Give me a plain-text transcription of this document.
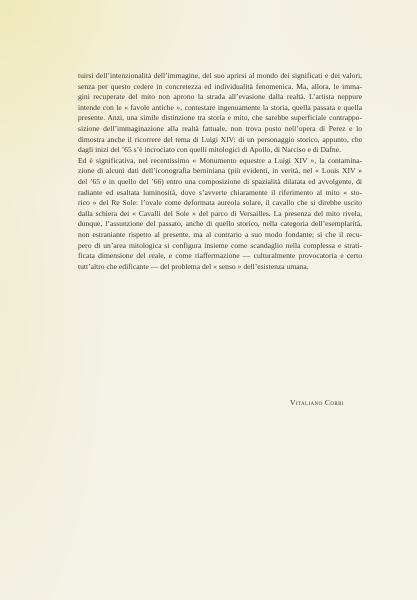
tuirsi dell’intenzionalità dell’immagine, del suo aprirsi al mondo dei significati e dei valori,
senza per questo cedere in concretezza ed individualità fenomenica. Ma, allora, le imma-
gini recuperate del mito non aprono la strada all’evasione dalla realtà. L’artista neppure
intende con le « favole antiche », contestare ingenuamente la storia, quella passata e quella
presente. Anzi, una simile distinzione tra storia e mito, che sarebbe superficiale contrappo-
sizione dell’immaginazione alla realtà fattuale, non trova posto nell’opera di Perez e lo
dimostra anche il ricorrere del tema di Luigi XIV: di un personaggio storico, appunto, che
dagli inizi del ’65 s’è incrociato con quelli mitologici di Apollo, di Narciso e di Dafne.
Ed è significativa, nel recentissimo « Monumento equestre a Luigi XIV », la contamina-
zione di alcuni dati dell’iconografia berniniana (più evidenti, in verità, nel « Louis XIV »
del ’65 e in quello del ’66) entro una composizione di spazialità dilatata ed avvolgente, di
radiante ed esaltata luminosità, dove s’avverte chiaramente il riferimento al mito « sto-
rico » del Re Sole: l’ovale come deformata aureola solare, il cavallo che si direbbe uscito
dalla schiera dei « Cavalli del Sole » del parco di Versailles. La presenza del mito rivela,
dunque, l’assunzione del passato, anche di quello storico, nella categoria dell’esemplarità,
non estraniante rispetto al presente, ma al contrario a suo modo fondante; sì che il recu-
pero di un’area mitologica si configura insieme come scandaglio nella complessa e strati-
ficata dimensione del reale, e come riaffermazione — culturalmente provocatoria e certo
tutt’altro che edificante — del problema del « senso » dell’esistenza umana.
Vitaliano Corbi
